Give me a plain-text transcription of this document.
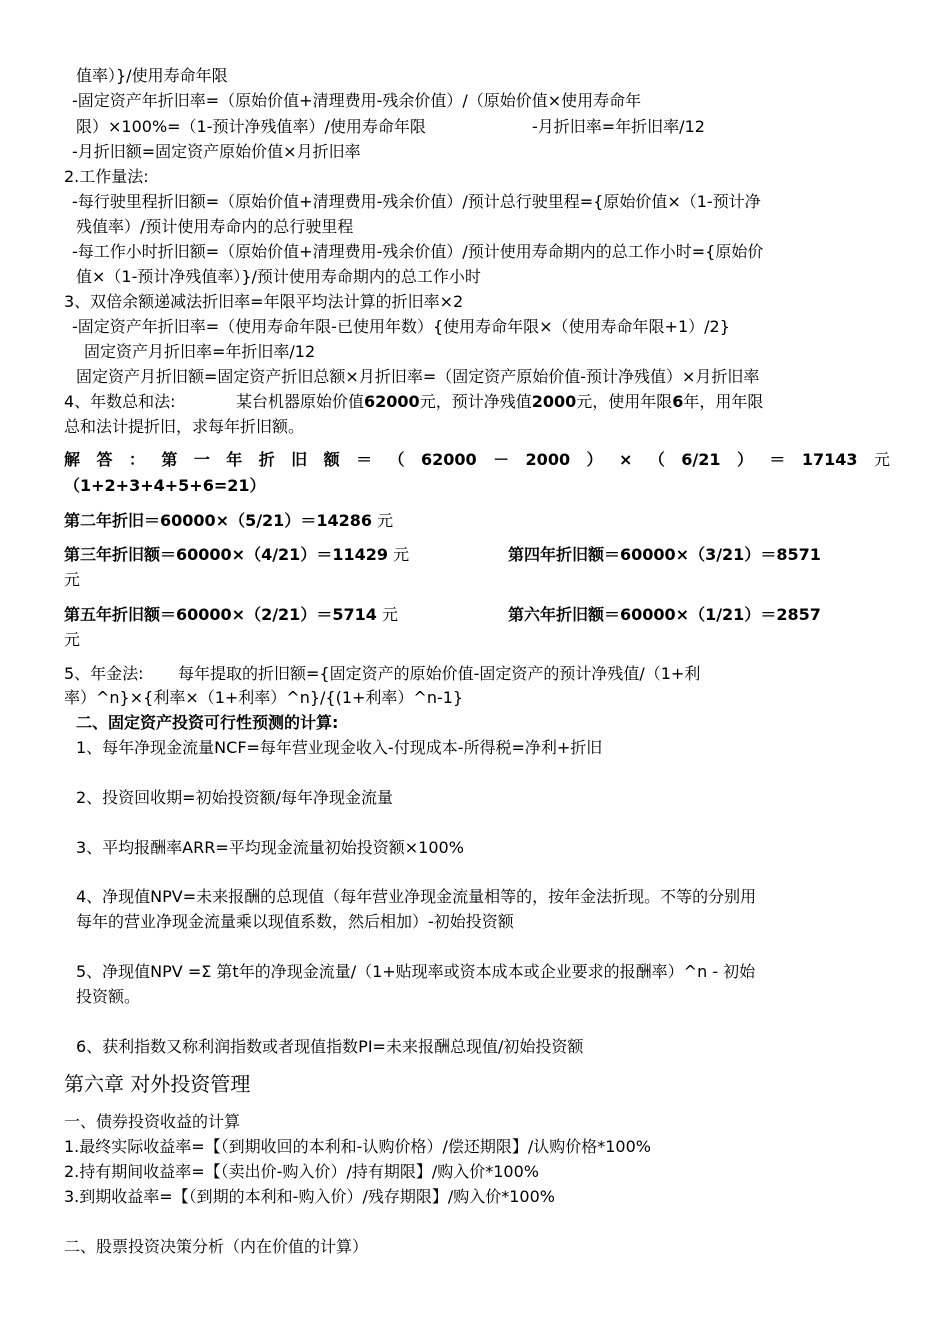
值率）}/使用寿命年限
-固定资产年折旧率=（原始价值+清理费用-残余价值）/（原始价值×使用寿命年
限）×100%=（1-预计净残值率）/使用寿命年限	-月折旧率=年折旧率/12
-月折旧额=固定资产原始价值×月折旧率
2.工作量法:
-每行驶里程折旧额=（原始价值+清理费用-残余价值）/预计总行驶里程={原始价值×（1-预计净
残值率）/预计使用寿命内的总行驶里程
-每工作小时折旧额=（原始价值+清理费用-残余价值）/预计使用寿命期内的总工作小时={原始价
值×（1-预计净残值率）}/预计使用寿命期内的总工作小时
3、双倍余额递减法折旧率=年限平均法计算的折旧率×2
-固定资产年折旧率=（使用寿命年限-已使用年数）{使用寿命年限×（使用寿命年限+1）/2}
固定资产月折旧率=年折旧率/12
固定资产月折旧额=固定资产折旧总额×月折旧率=（固定资产原始价值-预计净残值）×月折旧率
4、年数总和法:	某台机器原始价值62000元，预计净残值2000元，使用年限6年，用年限
总和法计提折旧，求每年折旧额。
解 答 ： 第 一 年 折 旧 额 ＝ （ 62000 － 2000 ） × （ 6/21 ） ＝ 17143 元
（1+2+3+4+5+6=21）
第二年折旧＝60000×（5/21）＝14286 元
第三年折旧额＝60000×（4/21）＝11429 元	第四年折旧额＝60000×（3/21）＝8571
元
第五年折旧额＝60000×（2/21）＝5714 元	第六年折旧额＝60000×（1/21）＝2857
元
5、年金法: 每年提取的折旧额={固定资产的原始价值-固定资产的预计净残值/（1+利
率）^n}×{利率×（1+利率）^n}/{(1+利率）^n-1}
二、固定资产投资可行性预测的计算:
1、每年净现金流量NCF=每年营业现金收入-付现成本-所得税=净利+折旧
2、投资回收期=初始投资额/每年净现金流量
3、平均报酬率ARR=平均现金流量初始投资额×100%
4、净现值NPV=未来报酬的总现值（每年营业净现金流量相等的，按年金法折现。不等的分别用
每年的营业净现金流量乘以现值系数，然后相加）-初始投资额
5、净现值NPV =Σ 第t年的净现金流量/（1+贴现率或资本成本或企业要求的报酬率）^n - 初始
投资额。
6、获利指数又称利润指数或者现值指数PI=未来报酬总现值/初始投资额
第六章 对外投资管理
一、债券投资收益的计算
1.最终实际收益率=【（到期收回的本利和-认购价格）/偿还期限】/认购价格*100%
2.持有期间收益率=【（卖出价-购入价）/持有期限】/购入价*100%
3.到期收益率=【（到期的本利和-购入价）/残存期限】/购入价*100%
二、股票投资决策分析（内在价值的计算）
